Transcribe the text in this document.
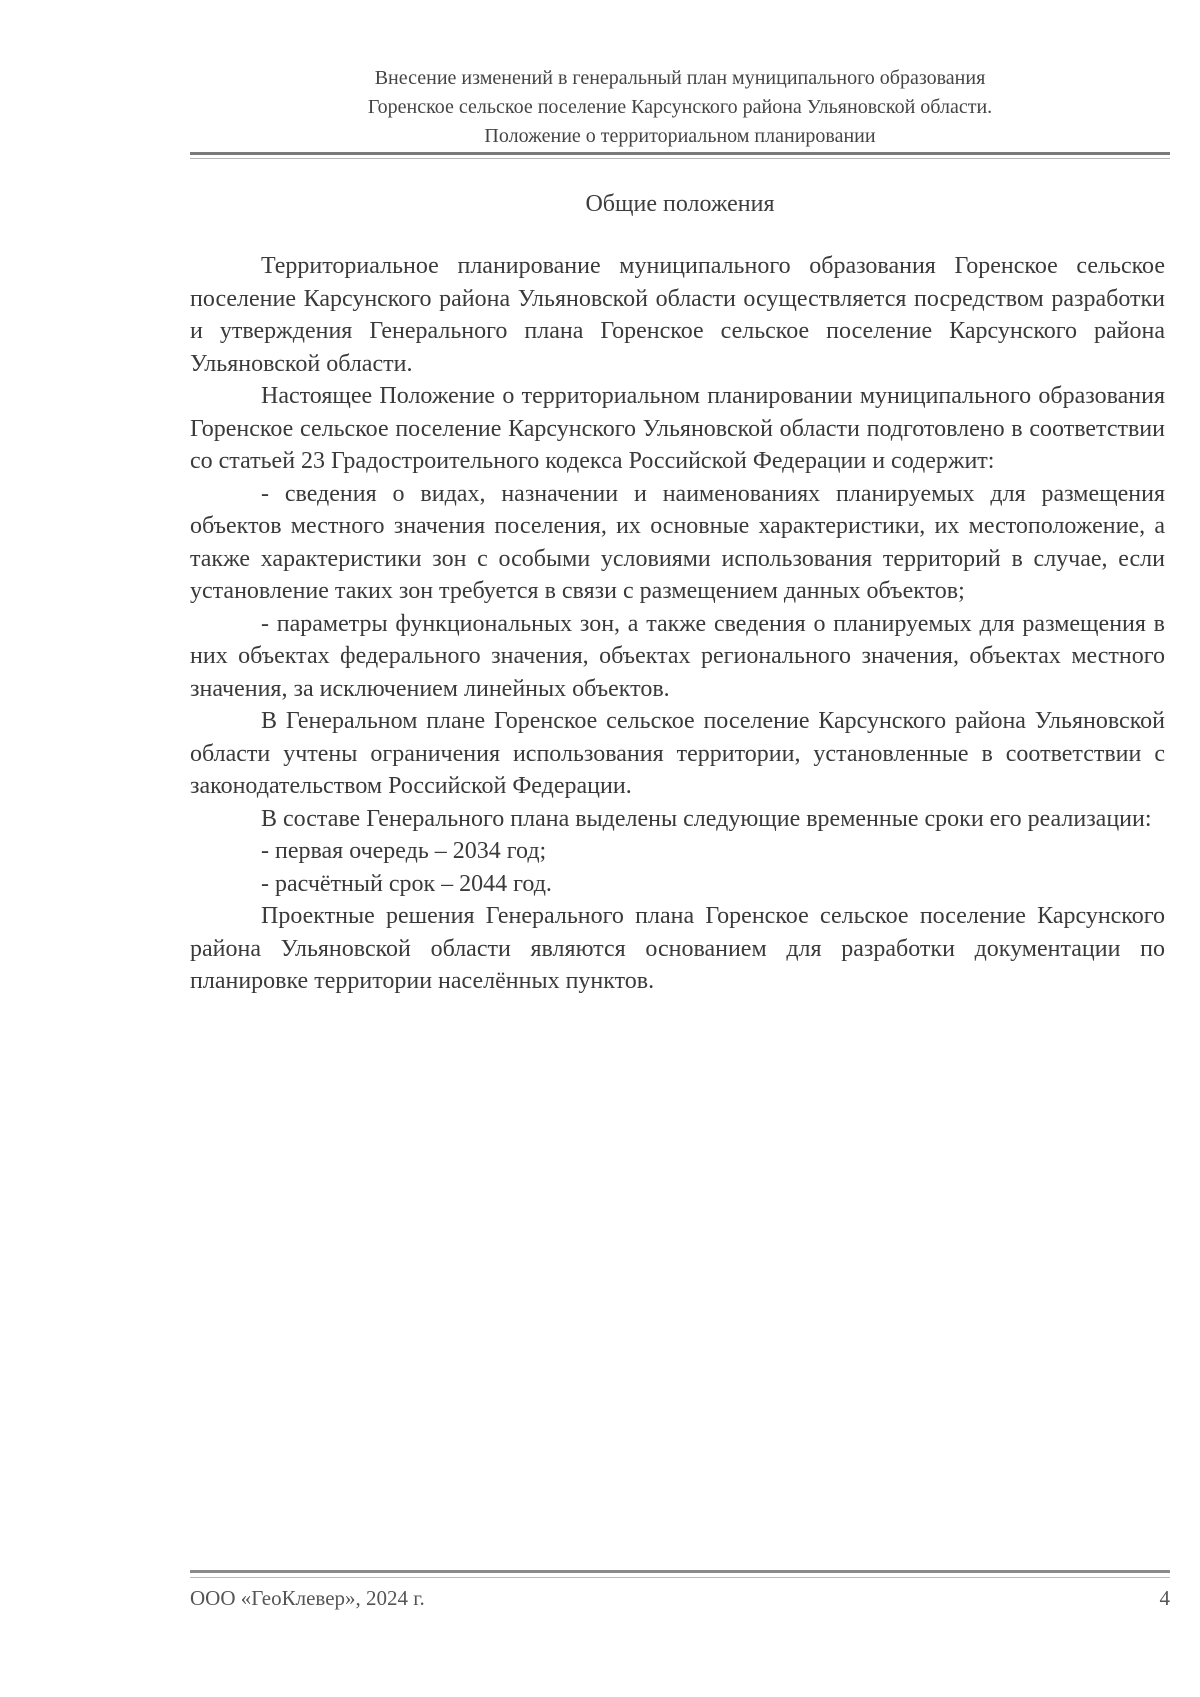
Внесение изменений в генеральный план муниципального образования
Горенское сельское поселение Карсунского района Ульяновской области.
Положение о территориальном планировании
Общие положения

Территориальное планирование муниципального образования Горенское сельское поселение Карсунского района Ульяновской области осуществляется посредством разработки и утверждения Генерального плана Горенское сельское поселение Карсунского района Ульяновской области.

Настоящее Положение о территориальном планировании муниципального образования Горенское сельское поселение Карсунского Ульяновской области подготовлено в соответствии со статьей 23 Градостроительного кодекса Российской Федерации и содержит:

- сведения о видах, назначении и наименованиях планируемых для размещения объектов местного значения поселения, их основные характеристики, их местоположение, а также характеристики зон с особыми условиями использования территорий в случае, если установление таких зон требуется в связи с размещением данных объектов;

- параметры функциональных зон, а также сведения о планируемых для размещения в них объектах федерального значения, объектах регионального значения, объектах местного значения, за исключением линейных объектов.

В Генеральном плане Горенское сельское поселение Карсунского района Ульяновской области учтены ограничения использования территории, установленные в соответствии с законодательством Российской Федерации.

В составе Генерального плана выделены следующие временные сроки его реализации:

- первая очередь – 2034 год;

- расчётный срок – 2044 год.

Проектные решения Генерального плана Горенское сельское поселение Карсунского района Ульяновской области являются основанием для разработки документации по планировке территории населённых пунктов.

ООО «ГеоКлевер», 2024 г.	4
